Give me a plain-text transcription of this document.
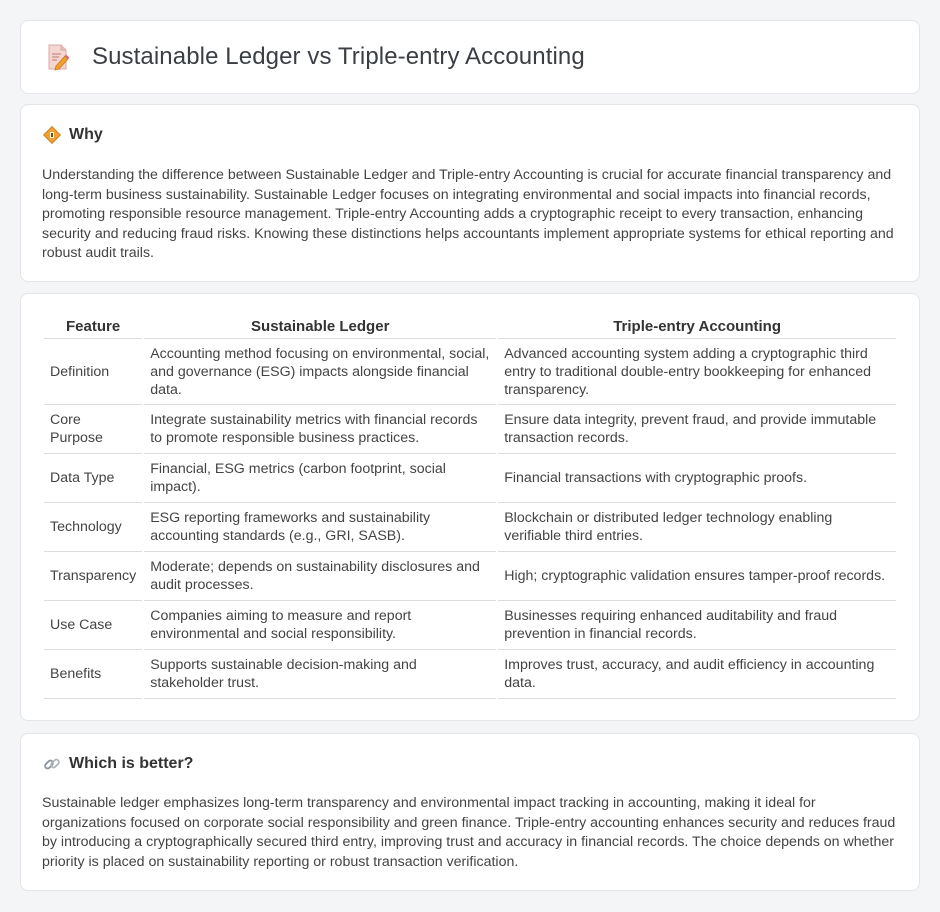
Sustainable Ledger vs Triple-entry Accounting
Why

Understanding the difference between Sustainable Ledger and Triple-entry Accounting is crucial for accurate financial transparency and long-term business sustainability. Sustainable Ledger focuses on integrating environmental and social impacts into financial records, promoting responsible resource management. Triple-entry Accounting adds a cryptographic receipt to every transaction, enhancing security and reducing fraud risks. Knowing these distinctions helps accountants implement appropriate systems for ethical reporting and robust audit trails.

Feature	Sustainable Ledger	Triple-entry Accounting
Definition	Accounting method focusing on environmental, social, and governance (ESG) impacts alongside financial data.	Advanced accounting system adding a cryptographic third entry to traditional double-entry bookkeeping for enhanced transparency.
Core Purpose	Integrate sustainability metrics with financial records to promote responsible business practices.	Ensure data integrity, prevent fraud, and provide immutable transaction records.
Data Type	Financial, ESG metrics (carbon footprint, social impact).	Financial transactions with cryptographic proofs.
Technology	ESG reporting frameworks and sustainability accounting standards (e.g., GRI, SASB).	Blockchain or distributed ledger technology enabling verifiable third entries.
Transparency	Moderate; depends on sustainability disclosures and audit processes.	High; cryptographic validation ensures tamper-proof records.
Use Case	Companies aiming to measure and report environmental and social responsibility.	Businesses requiring enhanced auditability and fraud prevention in financial records.
Benefits	Supports sustainable decision-making and stakeholder trust.	Improves trust, accuracy, and audit efficiency in accounting data.
Which is better?

Sustainable ledger emphasizes long-term transparency and environmental impact tracking in accounting, making it ideal for organizations focused on corporate social responsibility and green finance. Triple-entry accounting enhances security and reduces fraud by introducing a cryptographically secured third entry, improving trust and accuracy in financial records. The choice depends on whether priority is placed on sustainability reporting or robust transaction verification.
